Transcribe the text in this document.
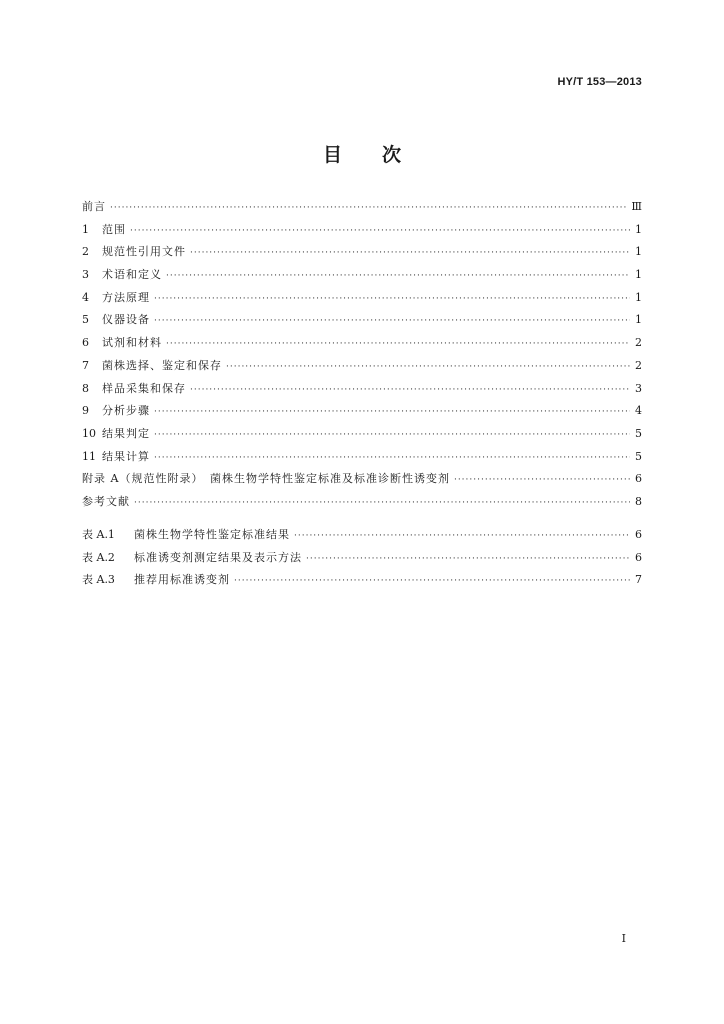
HY/T 153—2013
目 次
前言 ·····	Ⅲ
1	范围 ·····	1
2	规范性引用文件 ·····	1
3	术语和定义 ·····	1
4	方法原理 ·····	1
5	仪器设备 ·····	1
6	试剂和材料 ·····	2
7	菌株选择、鉴定和保存 ·····	2
8	样品采集和保存 ·····	3
9	分析步骤 ·····	4
10 结果判定 ·····	5
11 结果计算 ·····	5
附录 A（规范性附录）　菌株生物学特性鉴定标准及标准诊断性诱变剂 ·····	6
参考文献 ·····	8
表 A.1	菌株生物学特性鉴定标准结果 ·····	6
表 A.2	标准诱变剂测定结果及表示方法 ·····	6
表 A.3	推荐用标准诱变剂 ·····	7
I
